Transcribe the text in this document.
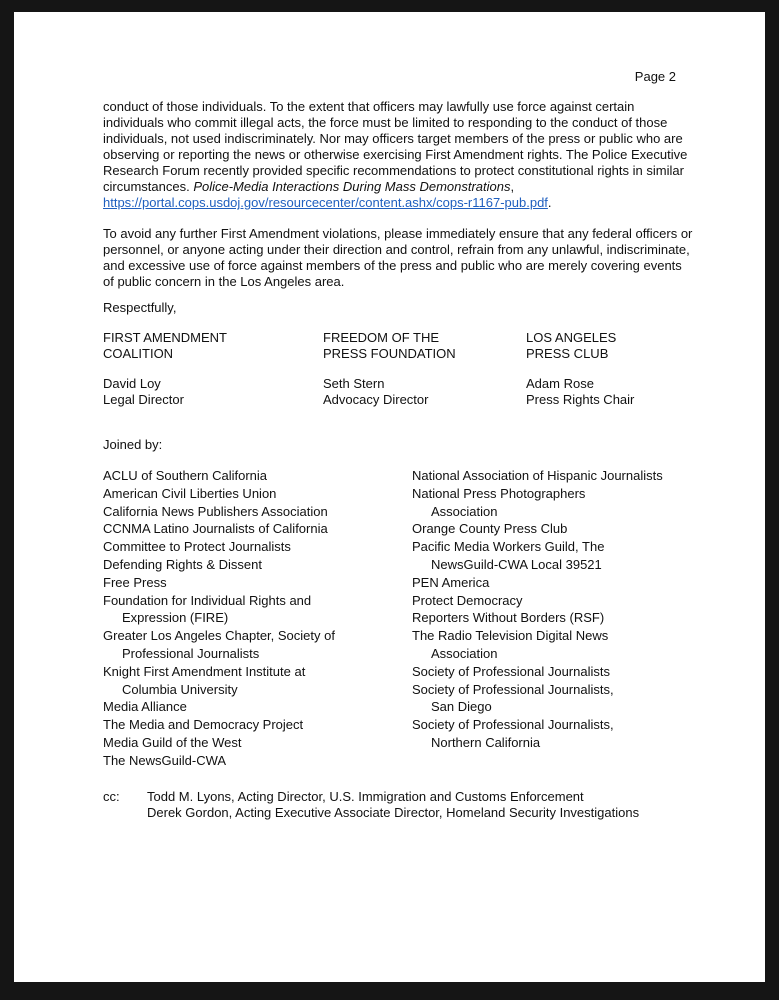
Page 2

conduct of those individuals. To the extent that officers may lawfully use force against certain individuals who commit illegal acts, the force must be limited to responding to the conduct of those individuals, not used indiscriminately. Nor may officers target members of the press or public who are observing or reporting the news or otherwise exercising First Amendment rights. The Police Executive Research Forum recently provided specific recommendations to protect constitutional rights in similar circumstances. Police-Media Interactions During Mass Demonstrations, https://portal.cops.usdoj.gov/resourcecenter/content.ashx/cops-r1167-pub.pdf.

To avoid any further First Amendment violations, please immediately ensure that any federal officers or personnel, or anyone acting under their direction and control, refrain from any unlawful, indiscriminate, and excessive use of force against members of the press and public who are merely covering events of public concern in the Los Angeles area.

Respectfully,
FIRST AMENDMENT
COALITION
David Loy
Legal Director
FREEDOM OF THE
PRESS FOUNDATION
Seth Stern
Advocacy Director
LOS ANGELES
PRESS CLUB
Adam Rose
Press Rights Chair
Joined by:
ACLU of Southern California
American Civil Liberties Union
California News Publishers Association
CCNMA Latino Journalists of California
Committee to Protect Journalists
Defending Rights & Dissent
Free Press
Foundation for Individual Rights and
Expression (FIRE)
Greater Los Angeles Chapter, Society of
Professional Journalists
Knight First Amendment Institute at
Columbia University
Media Alliance
The Media and Democracy Project
Media Guild of the West
The NewsGuild-CWA
National Association of Hispanic Journalists
National Press Photographers
Association
Orange County Press Club
Pacific Media Workers Guild, The
NewsGuild-CWA Local 39521
PEN America
Protect Democracy
Reporters Without Borders (RSF)
The Radio Television Digital News
Association
Society of Professional Journalists
Society of Professional Journalists,
San Diego
Society of Professional Journalists,
Northern California
cc: Todd M. Lyons, Acting Director, U.S. Immigration and Customs Enforcement
Derek Gordon, Acting Executive Associate Director, Homeland Security Investigations
